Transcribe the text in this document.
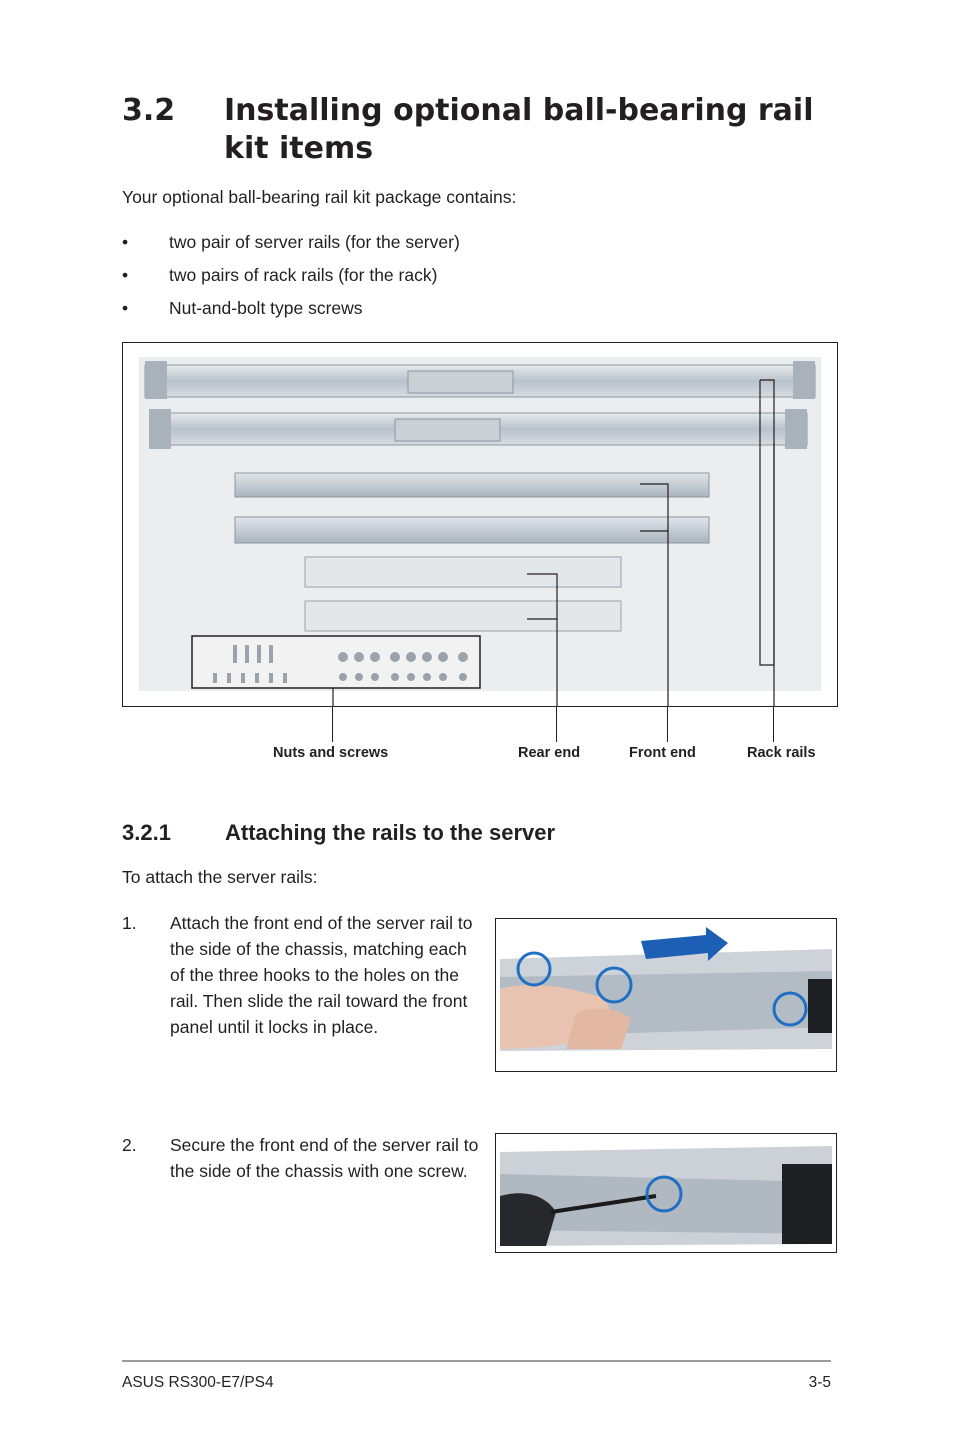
3.2 Installing optional ball-bearing rail kit items
Your optional ball-bearing rail kit package contains:
• two pair of server rails (for the server)
• two pairs of rack rails (for the rack)
• Nut-and-bolt type screws
Nuts and screws	Rear end	Front end	Rack rails
3.2.1 Attaching the rails to the server
To attach the server rails:
1. Attach the front end of the server rail to the side of the chassis, matching each of the three hooks to the holes on the rail. Then slide the rail toward the front panel until it locks in place.
2. Secure the front end of the server rail to the side of the chassis with one screw.
ASUS RS300-E7/PS4	3-5
